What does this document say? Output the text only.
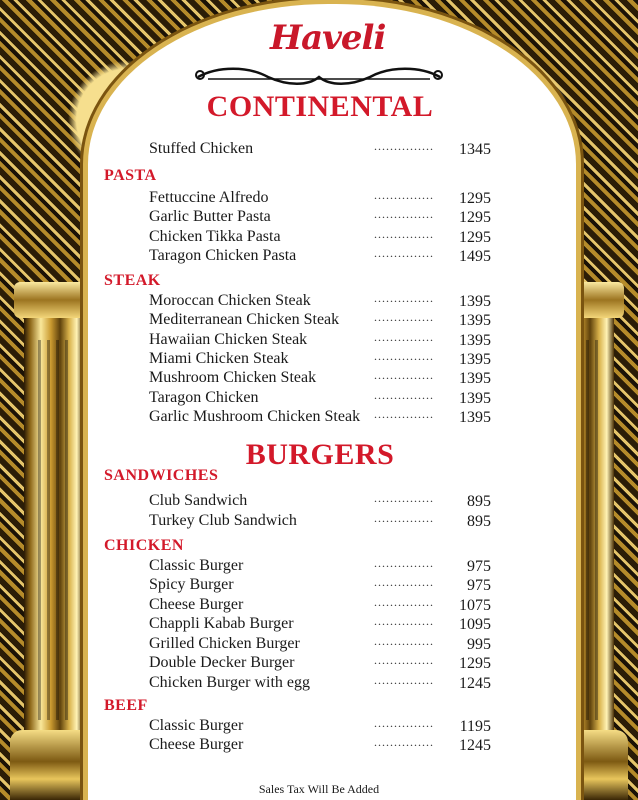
Haveli
CONTINENTAL
Stuffed Chicken	............... 1345
PASTA
Fettuccine Alfredo	............... 1295
Garlic Butter Pasta	............... 1295
Chicken Tikka Pasta	............... 1295
Taragon Chicken Pasta	............... 1495
STEAK
Moroccan Chicken Steak	............... 1395
Mediterranean Chicken Steak	............... 1395
Hawaiian Chicken Steak	............... 1395
Miami Chicken Steak	............... 1395
Mushroom Chicken Steak	............... 1395
Taragon Chicken	............... 1395
Garlic Mushroom Chicken Steak ............... 1395
BURGERS
SANDWICHES
Club Sandwich	............... 895
Turkey Club Sandwich	............... 895
CHICKEN
Classic Burger	............... 975
Spicy Burger	............... 975
Cheese Burger	............... 1075
Chappli Kabab Burger	............... 1095
Grilled Chicken Burger	............... 995
Double Decker Burger	............... 1295
Chicken Burger with egg	............... 1245
BEEF
Classic Burger	............... 1195
Cheese Burger	............... 1245
Sales Tax Will Be Added
